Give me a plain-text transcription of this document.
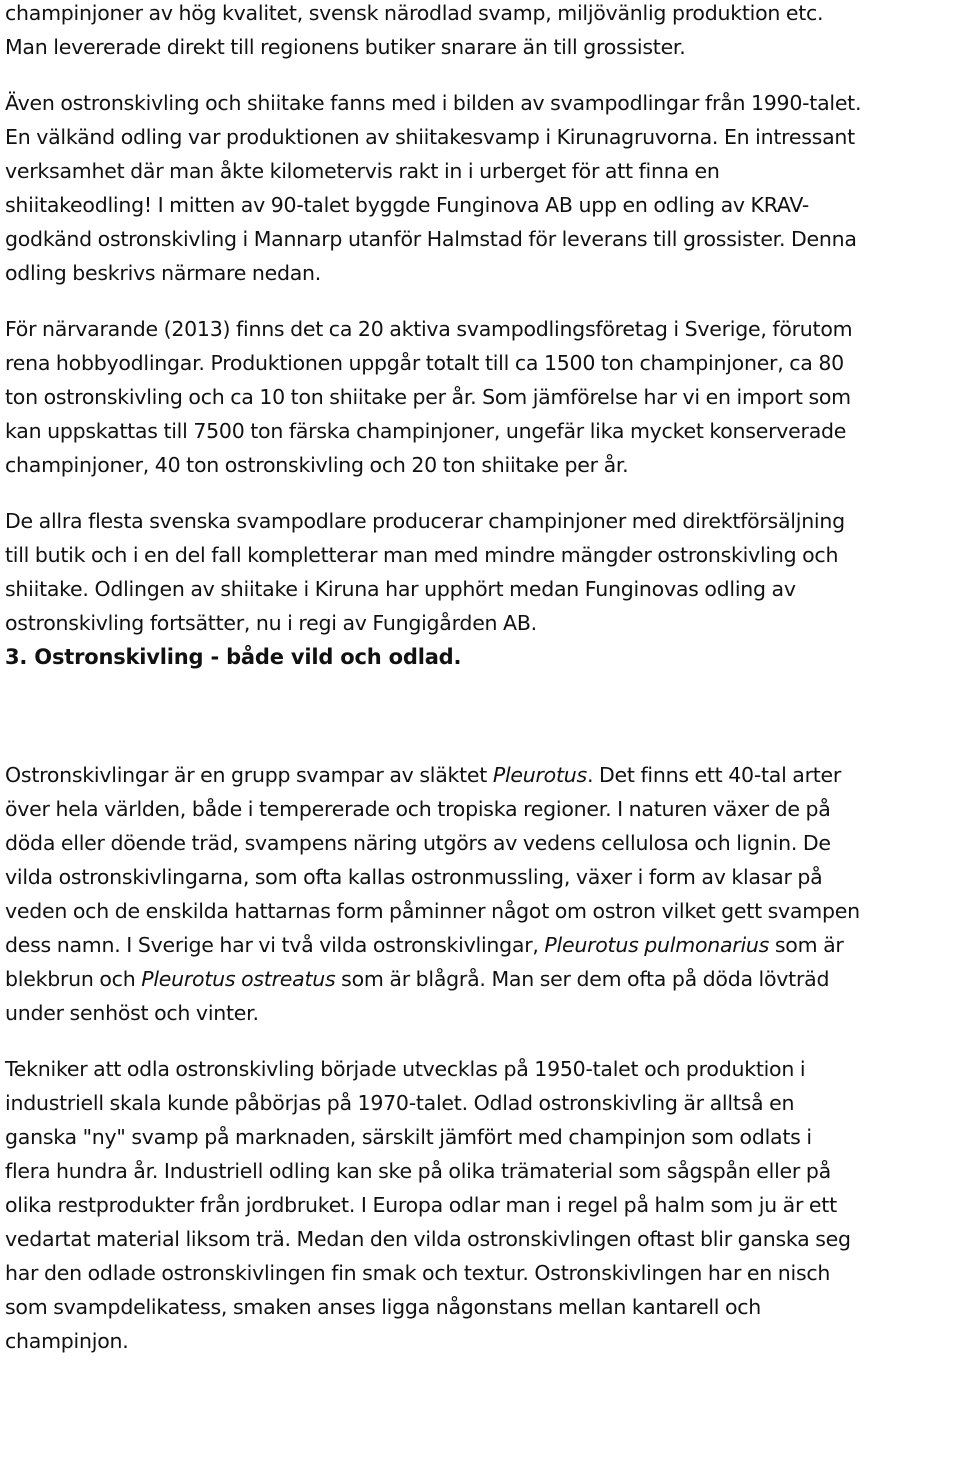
champinjoner av hög kvalitet, svensk närodlad svamp, miljövänlig produktion etc.
Man levererade direkt till regionens butiker snarare än till grossister.
Även ostronskivling och shiitake fanns med i bilden av svampodlingar från 1990-talet.
En välkänd odling var produktionen av shiitakesvamp i Kirunagruvorna. En intressant
verksamhet där man åkte kilometervis rakt in i urberget för att finna en
shiitakeodling! I mitten av 90-talet byggde Funginova AB upp en odling av KRAV-
godkänd ostronskivling i Mannarp utanför Halmstad för leverans till grossister. Denna
odling beskrivs närmare nedan.
För närvarande (2013) finns det ca 20 aktiva svampodlingsföretag i Sverige, förutom
rena hobbyodlingar. Produktionen uppgår totalt till ca 1500 ton champinjoner, ca 80
ton ostronskivling och ca 10 ton shiitake per år. Som jämförelse har vi en import som
kan uppskattas till 7500 ton färska champinjoner, ungefär lika mycket konserverade
champinjoner, 40 ton ostronskivling och 20 ton shiitake per år.
De allra flesta svenska svampodlare producerar champinjoner med direktförsäljning
till butik och i en del fall kompletterar man med mindre mängder ostronskivling och
shiitake. Odlingen av shiitake i Kiruna har upphört medan Funginovas odling av
ostronskivling fortsätter, nu i regi av Fungigården AB.
3. Ostronskivling - både vild och odlad.
Ostronskivlingar är en grupp svampar av släktet Pleurotus. Det finns ett 40-tal arter
över hela världen, både i tempererade och tropiska regioner. I naturen växer de på
döda eller döende träd, svampens näring utgörs av vedens cellulosa och lignin. De
vilda ostronskivlingarna, som ofta kallas ostronmussling, växer i form av klasar på
veden och de enskilda hattarnas form påminner något om ostron vilket gett svampen
dess namn. I Sverige har vi två vilda ostronskivlingar, Pleurotus pulmonarius som är
blekbrun och Pleurotus ostreatus som är blågrå. Man ser dem ofta på döda lövträd
under senhöst och vinter.
Tekniker att odla ostronskivling började utvecklas på 1950-talet och produktion i
industriell skala kunde påbörjas på 1970-talet. Odlad ostronskivling är alltså en
ganska "ny" svamp på marknaden, särskilt jämfört med champinjon som odlats i
flera hundra år. Industriell odling kan ske på olika trämaterial som sågspån eller på
olika restprodukter från jordbruket. I Europa odlar man i regel på halm som ju är ett
vedartat material liksom trä. Medan den vilda ostronskivlingen oftast blir ganska seg
har den odlade ostronskivlingen fin smak och textur. Ostronskivlingen har en nisch
som svampdelikatess, smaken anses ligga någonstans mellan kantarell och
champinjon.
